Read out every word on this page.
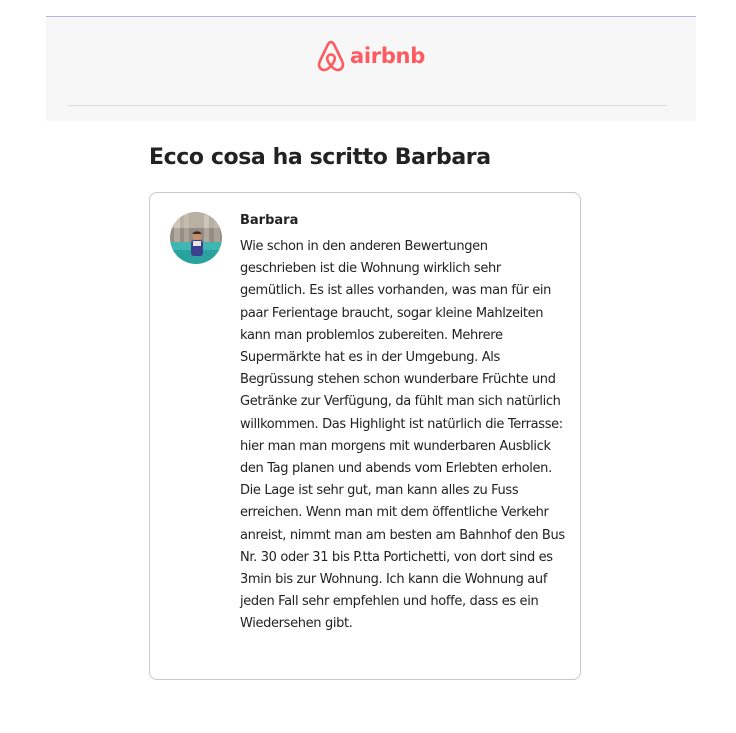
airbnb
Ecco cosa ha scritto Barbara
Barbara

Wie schon in den anderen Bewertungen geschrieben ist die Wohnung wirklich sehr gemütlich. Es ist alles vorhanden, was man für ein paar Ferientage braucht, sogar kleine Mahlzeiten kann man problemlos zubereiten. Mehrere Supermärkte hat es in der Umgebung. Als Begrüssung stehen schon wunderbare Früchte und Getränke zur Verfügung, da fühlt man sich natürlich willkommen. Das Highlight ist natürlich die Terrasse: hier man man morgens mit wunderbaren Ausblick den Tag planen und abends vom Erlebten erholen. Die Lage ist sehr gut, man kann alles zu Fuss erreichen. Wenn man mit dem öffentliche Verkehr anreist, nimmt man am besten am Bahnhof den Bus Nr. 30 oder 31 bis P.tta Portichetti, von dort sind es 3min bis zur Wohnung. Ich kann die Wohnung auf jeden Fall sehr empfehlen und hoffe, dass es ein Wiedersehen gibt.
